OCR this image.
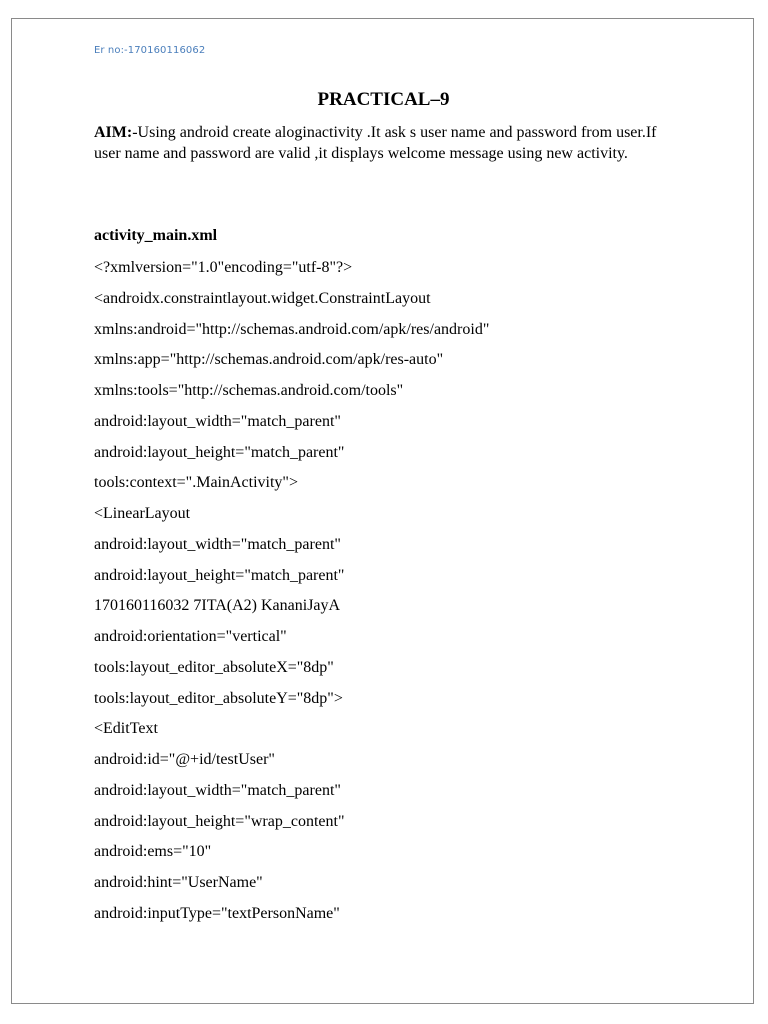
Er no:-170160116062
PRACTICAL–9
AIM:-Using android create aloginactivity .It ask s user name and password from user.If user name and password are valid ,it displays welcome message using new activity.
activity_main.xml
<?xmlversion="1.0"encoding="utf-8"?>
<androidx.constraintlayout.widget.ConstraintLayout
xmlns:android="http://schemas.android.com/apk/res/android"
xmlns:app="http://schemas.android.com/apk/res-auto"
xmlns:tools="http://schemas.android.com/tools"
android:layout_width="match_parent"
android:layout_height="match_parent"
tools:context=".MainActivity">
<LinearLayout
android:layout_width="match_parent"
android:layout_height="match_parent"
170160116032 7ITA(A2) KananiJayA
android:orientation="vertical"
tools:layout_editor_absoluteX="8dp"
tools:layout_editor_absoluteY="8dp">
<EditText
android:id="@+id/testUser"
android:layout_width="match_parent"
android:layout_height="wrap_content"
android:ems="10"
android:hint="UserName"
android:inputType="textPersonName"
